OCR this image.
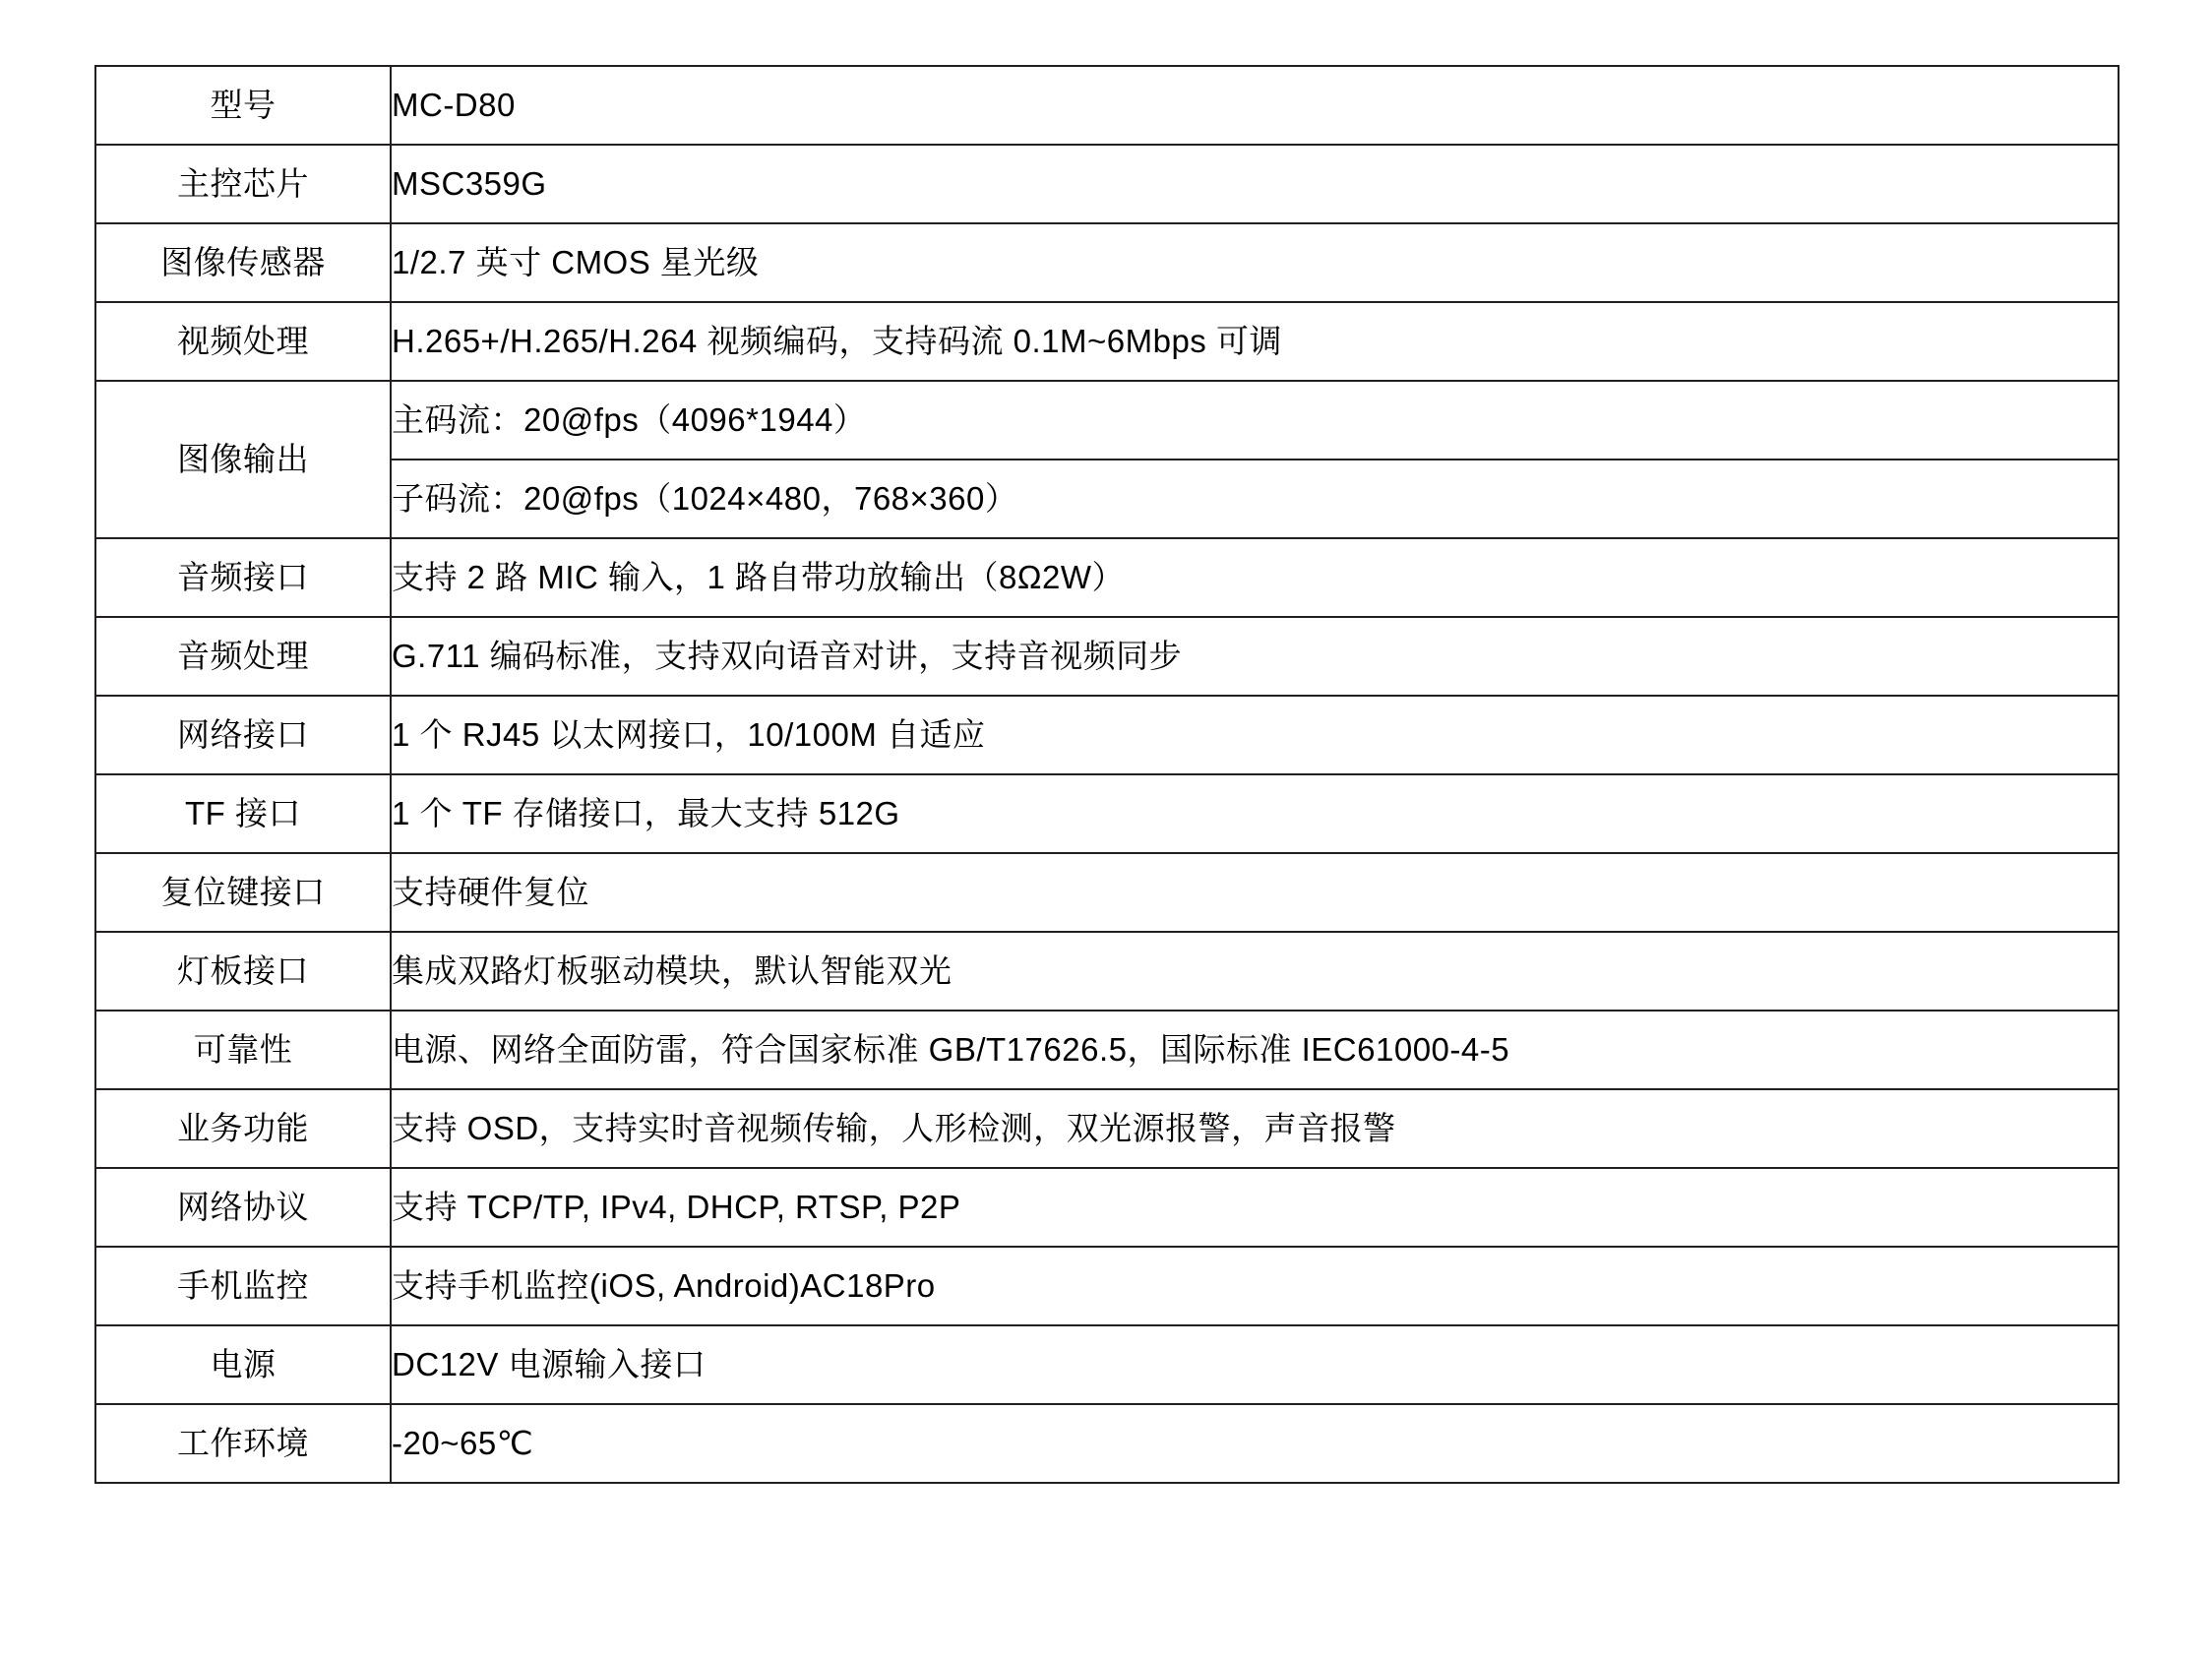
型号	MC-D80
主控芯片	MSC359G
图像传感器	1/2.7 英寸 CMOS 星光级
视频处理	H.265+/H.265/H.264 视频编码，支持码流 0.1M~6Mbps 可调
图像输出	主码流：20@fps（4096*1944）
	子码流：20@fps（1024×480，768×360）
音频接口	支持 2 路 MIC 输入，1 路自带功放输出（8Ω2W）
音频处理	G.711 编码标准，支持双向语音对讲，支持音视频同步
网络接口	1 个 RJ45 以太网接口，10/100M 自适应
TF 接口	1 个 TF 存储接口，最大支持 512G
复位键接口	支持硬件复位
灯板接口	集成双路灯板驱动模块，默认智能双光
可靠性	电源、网络全面防雷，符合国家标准 GB/T17626.5，国际标准 IEC61000-4-5
业务功能	支持 OSD，支持实时音视频传输，人形检测，双光源报警，声音报警
网络协议	支持 TCP/TP, IPv4, DHCP, RTSP, P2P
手机监控	支持手机监控(iOS, Android)AC18Pro
电源	DC12V 电源输入接口
工作环境	-20~65℃
